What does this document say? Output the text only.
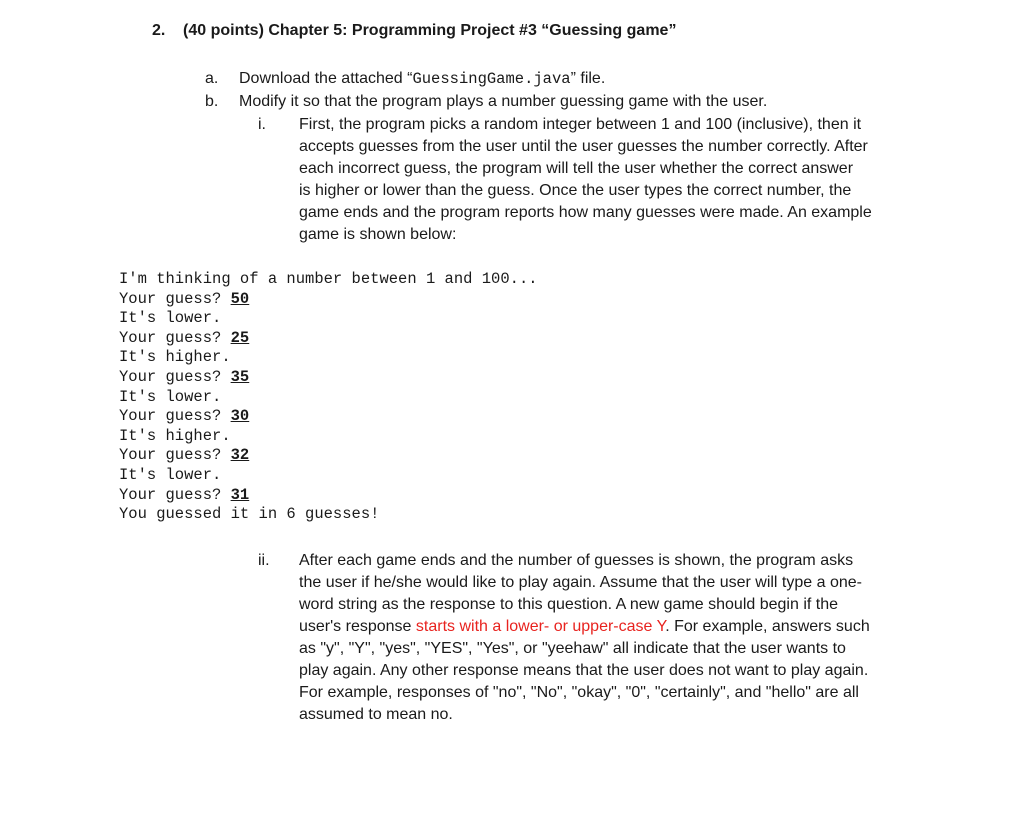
2. (40 points) Chapter 5: Programming Project #3 “Guessing game”
a. Download the attached “GuessingGame.java” file.
b. Modify it so that the program plays a number guessing game with the user.
i. First, the program picks a random integer between 1 and 100 (inclusive), then it
accepts guesses from the user until the user guesses the number correctly. After
each incorrect guess, the program will tell the user whether the correct answer
is higher or lower than the guess. Once the user types the correct number, the
game ends and the program reports how many guesses were made. An example
game is shown below:
I'm thinking of a number between 1 and 100...
Your guess? 50
It's lower.
Your guess? 25
It's higher.
Your guess? 35
It's lower.
Your guess? 30
It's higher.
Your guess? 32
It's lower.
Your guess? 31
You guessed it in 6 guesses!
ii. After each game ends and the number of guesses is shown, the program asks
the user if he/she would like to play again. Assume that the user will type a one-
word string as the response to this question. A new game should begin if the
user's response starts with a lower- or upper-case Y. For example, answers such
as "y", "Y", "yes", "YES", "Yes", or "yeehaw" all indicate that the user wants to
play again. Any other response means that the user does not want to play again.
For example, responses of "no", "No", "okay", "0", "certainly", and "hello" are all
assumed to mean no.
